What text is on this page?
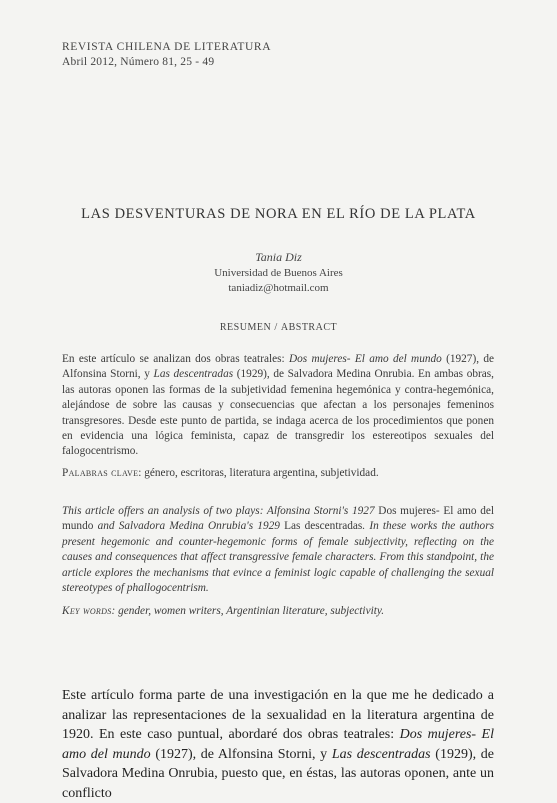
REVISTA CHILENA DE LITERATURA
Abril 2012, Número 81, 25 - 49
LAS DESVENTURAS DE NORA EN EL RÍO DE LA PLATA
Tania Diz
Universidad de Buenos Aires
taniadiz@hotmail.com
RESUMEN / ABSTRACT
En este artículo se analizan dos obras teatrales: Dos mujeres- El amo del mundo (1927), de Alfonsina Storni, y Las descentradas (1929), de Salvadora Medina Onrubia. En ambas obras, las autoras oponen las formas de la subjetividad femenina hegemónica y contra-hegemónica, alejándose de sobre las causas y consecuencias que afectan a los personajes femeninos transgresores. Desde este punto de partida, se indaga acerca de los procedimientos que ponen en evidencia una lógica feminista, capaz de transgredir los estereotipos sexuales del falogocentrismo.
Palabras clave: género, escritoras, literatura argentina, subjetividad.
This article offers an analysis of two plays: Alfonsina Storni's 1927 Dos mujeres- El amo del mundo and Salvadora Medina Onrubia's 1929 Las descentradas. In these works the authors present hegemonic and counter-hegemonic forms of female subjectivity, reflecting on the causes and consequences that affect transgressive female characters. From this standpoint, the article explores the mechanisms that evince a feminist logic capable of challenging the sexual stereotypes of phallogocentrism.
Key words: gender, women writers, Argentinian literature, subjectivity.
Este artículo forma parte de una investigación en la que me he dedicado a analizar las representaciones de la sexualidad en la literatura argentina de 1920. En este caso puntual, abordaré dos obras teatrales: Dos mujeres- El amo del mundo (1927), de Alfonsina Storni, y Las descentradas (1929), de Salvadora Medina Onrubia, puesto que, en éstas, las autoras oponen, ante un conflicto
